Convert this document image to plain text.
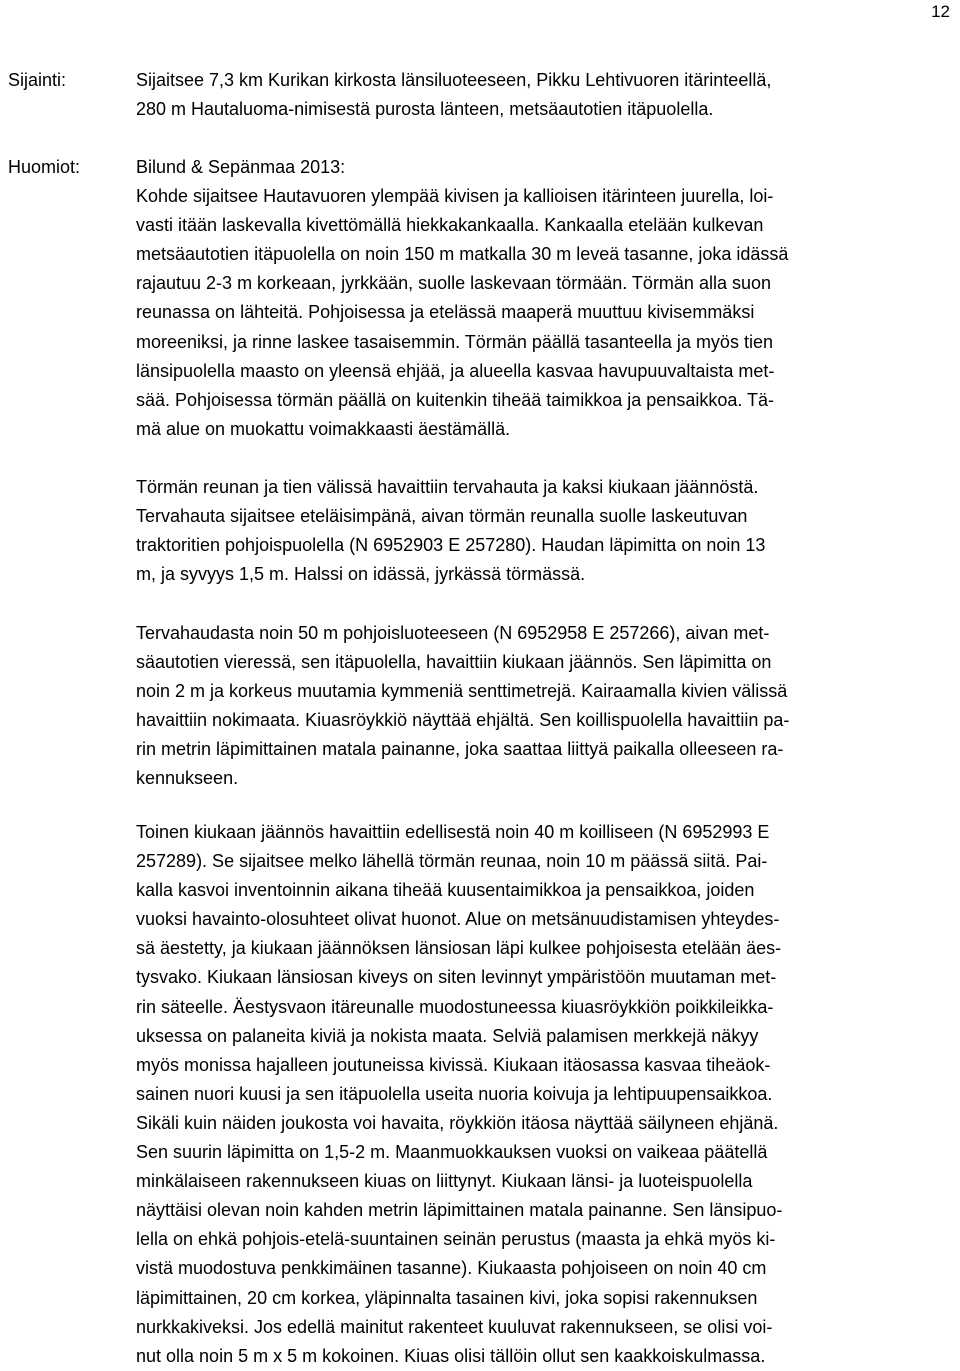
12
Sijainti:	Sijaitsee 7,3 km Kurikan kirkosta länsiluoteeseen, Pikku Lehtivuoren itärinteellä,
280 m Hautaluoma-nimisestä purosta länteen, metsäautotien itäpuolella.
Huomiot:	Bilund & Sepänmaa 2013:
Kohde sijaitsee Hautavuoren ylempää kivisen ja kallioisen itärinteen juurella, loi-
vasti itään laskevalla kivettömällä hiekkakankaalla. Kankaalla etelään kulkevan
metsäautotien itäpuolella on noin 150 m matkalla 30 m leveä tasanne, joka idässä
rajautuu 2-3 m korkeaan, jyrkkään, suolle laskevaan törmään. Törmän alla suon
reunassa on lähteitä. Pohjoisessa ja etelässä maaperä muuttuu kivisemmäksi
moreeniksi, ja rinne laskee tasaisemmin. Törmän päällä tasanteella ja myös tien
länsipuolella maasto on yleensä ehjää, ja alueella kasvaa havupuuvaltaista met-
sää. Pohjoisessa törmän päällä on kuitenkin tiheää taimikkoa ja pensaikkoa. Tä-
mä alue on muokattu voimakkaasti äestämällä.
Törmän reunan ja tien välissä havaittiin tervahauta ja kaksi kiukaan jäännöstä.
Tervahauta sijaitsee eteläisimpänä, aivan törmän reunalla suolle laskeutuvan
traktoritien pohjoispuolella (N 6952903 E 257280). Haudan läpimitta on noin 13
m, ja syvyys 1,5 m. Halssi on idässä, jyrkässä törmässä.
Tervahaudasta noin 50 m pohjoisluoteeseen (N 6952958 E 257266), aivan met-
säautotien vieressä, sen itäpuolella, havaittiin kiukaan jäännös. Sen läpimitta on
noin 2 m ja korkeus muutamia kymmeniä senttimetrejä. Kairaamalla kivien välissä
havaittiin nokimaata. Kiuasröykkiö näyttää ehjältä. Sen koillispuolella havaittiin pa-
rin metrin läpimittainen matala painanne, joka saattaa liittyä paikalla olleeseen ra-
kennukseen.
Toinen kiukaan jäännös havaittiin edellisestä noin 40 m koilliseen (N 6952993 E
257289). Se sijaitsee melko lähellä törmän reunaa, noin 10 m päässä siitä. Pai-
kalla kasvoi inventoinnin aikana tiheää kuusentaimikkoa ja pensaikkoa, joiden
vuoksi havainto-olosuhteet olivat huonot. Alue on metsänuudistamisen yhteydes-
sä äestetty, ja kiukaan jäännöksen länsiosan läpi kulkee pohjoisesta etelään äes-
tysvako. Kiukaan länsiosan kiveys on siten levinnyt ympäristöön muutaman met-
rin säteelle. Äestysvaon itäreunalle muodostuneessa kiuasröykkiön poikkileikka-
uksessa on palaneita kiviä ja nokista maata. Selviä palamisen merkkejä näkyy
myös monissa hajalleen joutuneissa kivissä. Kiukaan itäosassa kasvaa tiheäok-
sainen nuori kuusi ja sen itäpuolella useita nuoria koivuja ja lehtipuupensaikkoa.
Sikäli kuin näiden joukosta voi havaita, röykkiön itäosa näyttää säilyneen ehjänä.
Sen suurin läpimitta on 1,5-2 m. Maanmuokkauksen vuoksi on vaikeaa päätellä
minkälaiseen rakennukseen kiuas on liittynyt. Kiukaan länsi- ja luoteispuolella
näyttäisi olevan noin kahden metrin läpimittainen matala painanne. Sen länsipuo-
lella on ehkä pohjois-etelä-suuntainen seinän perustus (maasta ja ehkä myös ki-
vistä muodostuva penkkimäinen tasanne). Kiukaasta pohjoiseen on noin 40 cm
läpimittainen, 20 cm korkea, yläpinnalta tasainen kivi, joka sopisi rakennuksen
nurkkakiveksi. Jos edellä mainitut rakenteet kuuluvat rakennukseen, se olisi voi-
nut olla noin 5 m x 5 m kokoinen. Kiuas olisi tällöin ollut sen kaakkoiskulmassa.
